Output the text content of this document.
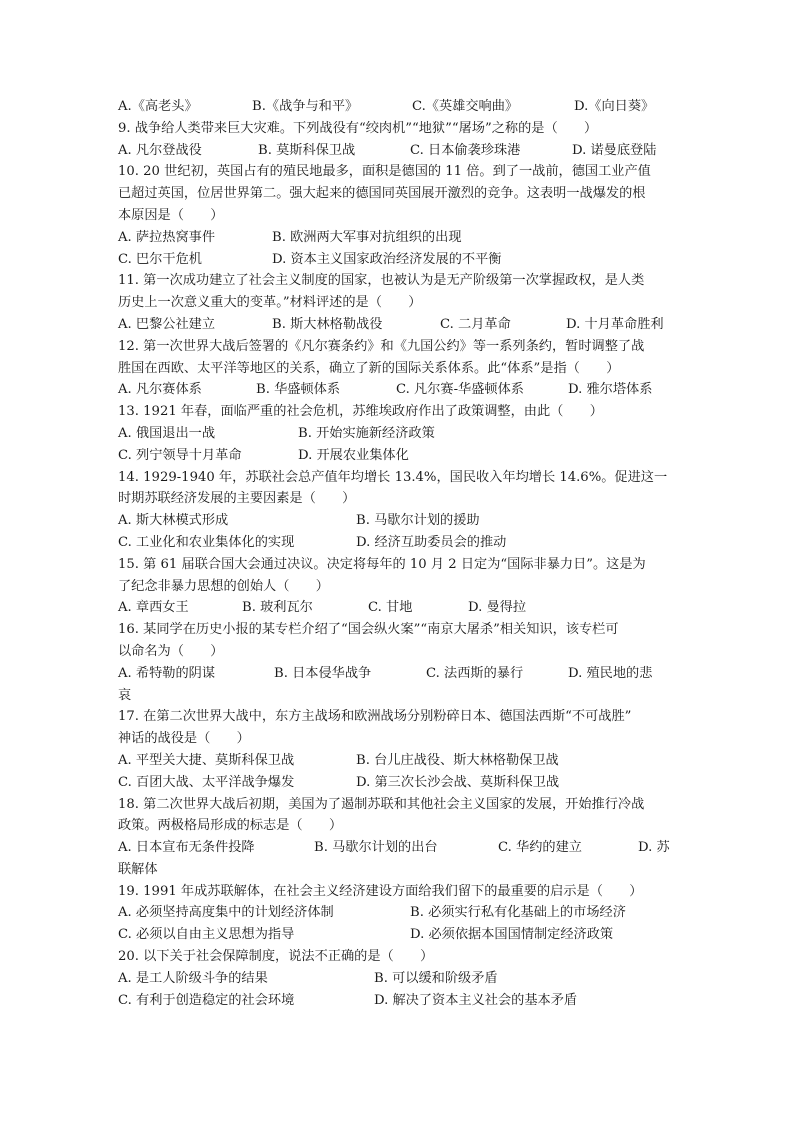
A.《高老头》	B.《战争与和平》	C.《英雄交响曲》	D.《向日葵》
9. 战争给人类带来巨大灾难。下列战役有“绞肉机”“地狱”“屠场”之称的是（　　）
A. 凡尔登战役	B. 莫斯科保卫战	C. 日本偷袭珍珠港	D. 诺曼底登陆
10. 20 世纪初，英国占有的殖民地最多，面积是德国的 11 倍。到了一战前，德国工业产值
已超过英国，位居世界第二。强大起来的德国同英国展开激烈的竞争。这表明一战爆发的根
本原因是（　　）
A. 萨拉热窝事件	B. 欧洲两大军事对抗组织的出现
C. 巴尔干危机	D. 资本主义国家政治经济发展的不平衡
11. 第一次成功建立了社会主义制度的国家，也被认为是无产阶级第一次掌握政权，是人类
历史上一次意义重大的变革。”材料评述的是（　　）
A. 巴黎公社建立	B. 斯大林格勒战役	C. 二月革命	D. 十月革命胜利
12. 第一次世界大战后签署的《凡尔赛条约》和《九国公约》等一系列条约，暂时调整了战
胜国在西欧、太平洋等地区的关系，确立了新的国际关系体系。此“体系”是指（　　）
A. 凡尔赛体系	B. 华盛顿体系	C. 凡尔赛-华盛顿体系	D. 雅尔塔体系
13. 1921 年春，面临严重的社会危机，苏维埃政府作出了政策调整，由此（　　）
A. 俄国退出一战	B. 开始实施新经济政策
C. 列宁领导十月革命	D. 开展农业集体化
14. 1929-1940 年，苏联社会总产值年均增长 13.4%，国民收入年均增长 14.6%。促进这一
时期苏联经济发展的主要因素是（　　）
A. 斯大林模式形成	B. 马歇尔计划的援助
C. 工业化和农业集体化的实现	D. 经济互助委员会的推动
15. 第 61 届联合国大会通过决议。决定将每年的 10 月 2 日定为“国际非暴力日”。这是为
了纪念非暴力思想的创始人（　　）
A. 章西女王	B. 玻利瓦尔	C. 甘地	D. 曼得拉
16. 某同学在历史小报的某专栏介绍了“国会纵火案”“南京大屠杀”相关知识，该专栏可
以命名为（　　）
A. 希特勒的阴谋	B. 日本侵华战争	C. 法西斯的暴行	D. 殖民地的悲
哀
17. 在第二次世界大战中，东方主战场和欧洲战场分别粉碎日本、德国法西斯“不可战胜”
神话的战役是（　　）
A. 平型关大捷、莫斯科保卫战	B. 台儿庄战役、斯大林格勒保卫战
C. 百团大战、太平洋战争爆发	D. 第三次长沙会战、莫斯科保卫战
18. 第二次世界大战后初期，美国为了遏制苏联和其他社会主义国家的发展，开始推行冷战
政策。两极格局形成的标志是（　　）
A. 日本宣布无条件投降	B. 马歇尔计划的出台	C. 华约的建立	D. 苏
联解体
19. 1991 年成苏联解体，在社会主义经济建设方面给我们留下的最重要的启示是（　　）
A. 必须坚持高度集中的计划经济体制	B. 必须实行私有化基础上的市场经济
C. 必须以自由主义思想为指导	D. 必须依据本国国情制定经济政策
20. 以下关于社会保障制度，说法不正确的是（　　）
A. 是工人阶级斗争的结果	B. 可以缓和阶级矛盾
C. 有利于创造稳定的社会环境	D. 解决了资本主义社会的基本矛盾
